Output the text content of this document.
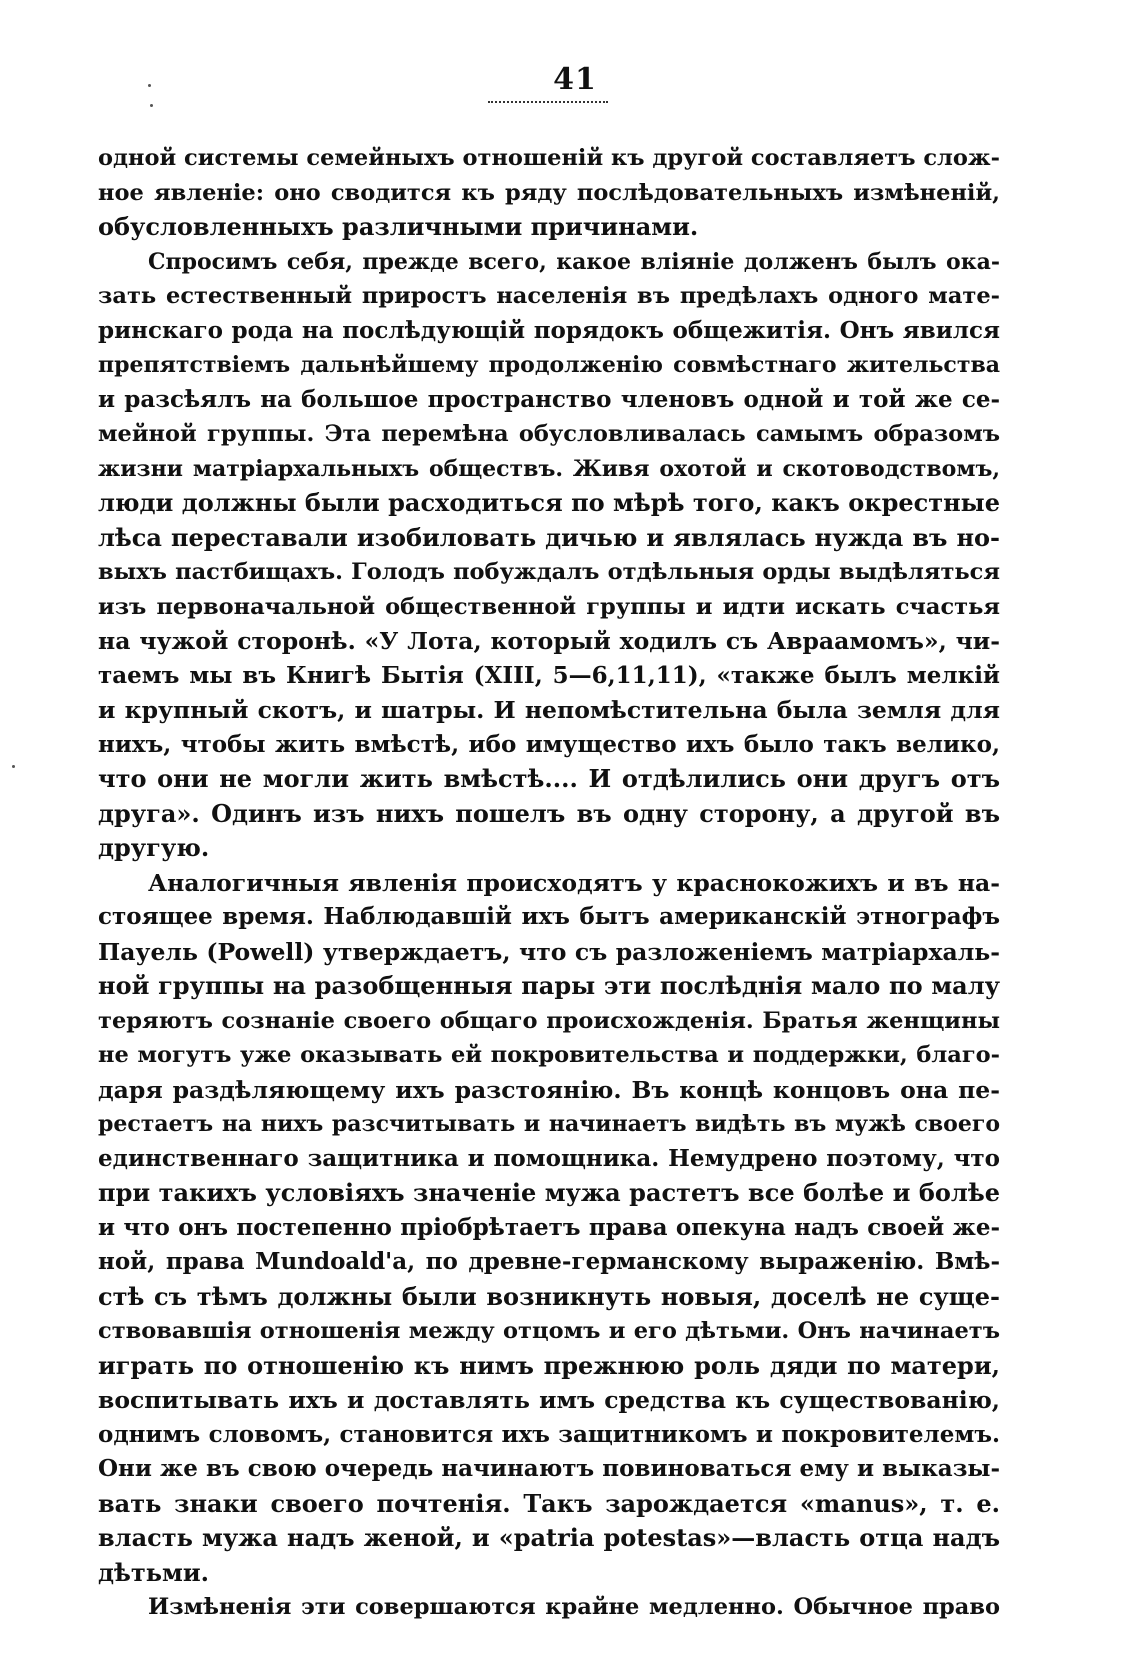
41
одной системы семейныхъ отношеній къ другой составляетъ слож-
ное явленіе: оно сводится къ ряду послѣдовательныхъ измѣненій,
обусловленныхъ различными причинами.
Спросимъ себя, прежде всего, какое вліяніе долженъ былъ ока-
зать естественный приростъ населенія въ предѣлахъ одного мате-
ринскаго рода на послѣдующій порядокъ общежитія. Онъ явился
препятствіемъ дальнѣйшему продолженію совмѣстнаго жительства
и разсѣялъ на большое пространство членовъ одной и той же се-
мейной группы. Эта перемѣна обусловливалась самымъ образомъ
жизни матріархальныхъ обществъ. Живя охотой и скотоводствомъ,
люди должны были расходиться по мѣрѣ того, какъ окрестные
лѣса переставали изобиловать дичью и являлась нужда въ но-
выхъ пастбищахъ. Голодъ побуждалъ отдѣльныя орды выдѣляться
изъ первоначальной общественной группы и идти искать счастья
на чужой сторонѣ. «У Лота, который ходилъ съ Авраамомъ», чи-
таемъ мы въ Книгѣ Бытія (XIII, 5—6,11,11), «также былъ мелкій
и крупный скотъ, и шатры. И непомѣстительна была земля для
нихъ, чтобы жить вмѣстѣ, ибо имущество ихъ было такъ велико,
что они не могли жить вмѣстѣ.... И отдѣлились они другъ отъ
друга». Одинъ изъ нихъ пошелъ въ одну сторону, а другой въ
другую.
Аналогичныя явленія происходятъ у краснокожихъ и въ на-
стоящее время. Наблюдавшій ихъ бытъ американскій этнографъ
Пауель (Powell) утверждаетъ, что съ разложеніемъ матріархаль-
ной группы на разобщенныя пары эти послѣднія мало по малу
теряютъ сознаніе своего общаго происхожденія. Братья женщины
не могутъ уже оказывать ей покровительства и поддержки, благо-
даря раздѣляющему ихъ разстоянію. Въ концѣ концовъ она пе-
рестаетъ на нихъ разсчитывать и начинаетъ видѣть въ мужѣ своего
единственнаго защитника и помощника. Немудрено поэтому, что
при такихъ условіяхъ значеніе мужа растетъ все болѣе и болѣе
и что онъ постепенно пріобрѣтаетъ права опекуна надъ своей же-
ной, права Mundoald'a, по древне-германскому выраженію. Вмѣ-
стѣ съ тѣмъ должны были возникнуть новыя, доселѣ не суще-
ствовавшія отношенія между отцомъ и его дѣтьми. Онъ начинаетъ
играть по отношенію къ нимъ прежнюю роль дяди по матери,
воспитывать ихъ и доставлять имъ средства къ существованію,
однимъ словомъ, становится ихъ защитникомъ и покровителемъ.
Они же въ свою очередь начинаютъ повиноваться ему и выказы-
вать знаки своего почтенія. Такъ зарождается «manus», т. е.
власть мужа надъ женой, и «patria potestas»—власть отца надъ
дѣтьми.
Измѣненія эти совершаются крайне медленно. Обычное право
